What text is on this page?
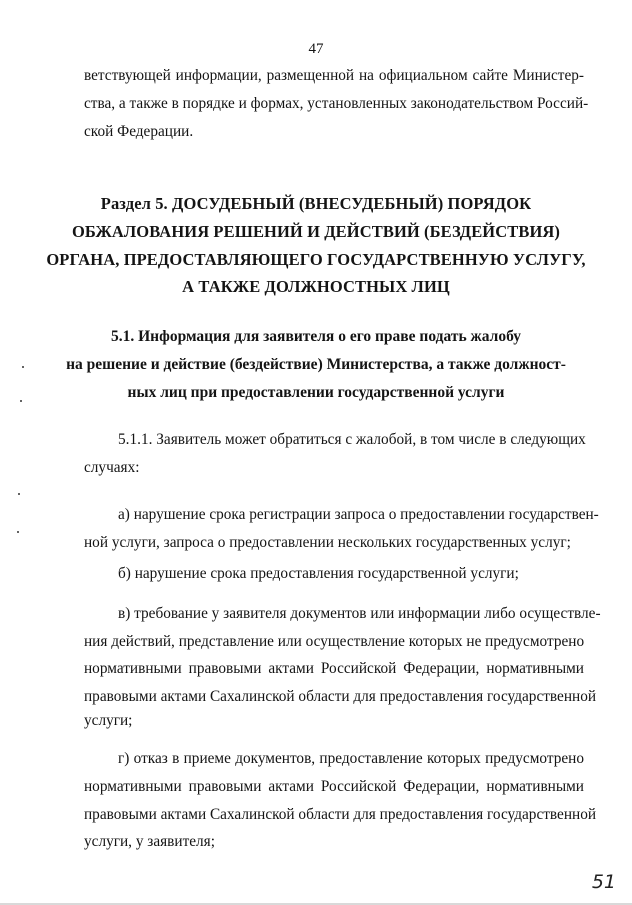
47
ветствующей информации, размещенной на официальном сайте Министер-
ства, а также в порядке и формах, установленных законодательством Россий-
ской Федерации.
Раздел 5. ДОСУДЕБНЫЙ (ВНЕСУДЕБНЫЙ) ПОРЯДОК
ОБЖАЛОВАНИЯ РЕШЕНИЙ И ДЕЙСТВИЙ (БЕЗДЕЙСТВИЯ)
ОРГАНА, ПРЕДОСТАВЛЯЮЩЕГО ГОСУДАРСТВЕННУЮ УСЛУГУ,
А ТАКЖЕ ДОЛЖНОСТНЫХ ЛИЦ
5.1. Информация для заявителя о его праве подать жалобу
на решение и действие (бездействие) Министерства, а также должност-
ных лиц при предоставлении государственной услуги
5.1.1. Заявитель может обратиться с жалобой, в том числе в следующих
случаях:
а) нарушение срока регистрации запроса о предоставлении государствен-
ной услуги, запроса о предоставлении нескольких государственных услуг;
б) нарушение срока предоставления государственной услуги;
в) требование у заявителя документов или информации либо осуществле-
ния действий, представление или осуществление которых не предусмотрено
нормативными правовыми актами Российской Федерации, нормативными
правовыми актами Сахалинской области для предоставления государственной
услуги;
г) отказ в приеме документов, предоставление которых предусмотрено
нормативными правовыми актами Российской Федерации, нормативными
правовыми актами Сахалинской области для предоставления государственной
услуги, у заявителя;
51
